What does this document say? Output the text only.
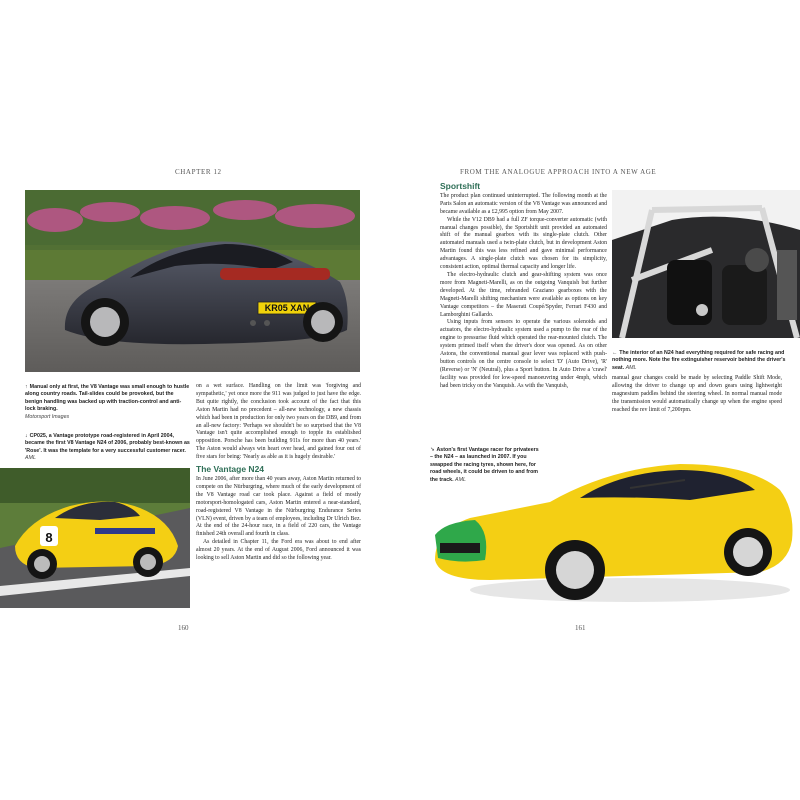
CHAPTER 12
KR05 XAN
↑ Manual only at first, the V8 Vantage was small enough to hustle along country roads. Tail-slides could be provoked, but the benign handling was backed up with traction-control and anti-lock braking.
Motorsport Images
↓ CP025, a Vantage prototype road-registered in April 2004, became the first V8 Vantage N24 of 2006, probably best-known as 'Rose'. It was the template for a very successful customer racer. AML
8

on a wet surface. Handling on the limit was 'forgiving and sympathetic,' yet once more the 911 was judged to just have the edge. But quite rightly, the conclusion took account of the fact that this Aston Martin had no precedent – all-new technology, a new chassis which had been in production for only two years on the DB9, and from an all-new factory: 'Perhaps we shouldn't be so surprised that the V8 Vantage isn't quite accomplished enough to topple its established opposition. Porsche has been building 911s for more than 40 years.' The Aston would always win heart over head, and gained four out of five stars for being: 'Nearly as able as it is hugely desirable.'

The Vantage N24

In June 2006, after more than 40 years away, Aston Martin returned to compete on the Nürburgring, where much of the early development of the V8 Vantage road car took place. Against a field of mostly motorsport-homologated cars, Aston Martin entered a near-standard, road-registered V8 Vantage in the Nürburgring Endurance Series (VLN) event, driven by a team of employees, including Dr Ulrich Bez. At the end of the 24-hour race, in a field of 220 cars, the Vantage finished 24th overall and fourth in class.

As detailed in Chapter 11, the Ford era was about to end after almost 20 years. At the end of August 2006, Ford announced it was looking to sell Aston Martin and did so the following year.

160
FROM THE ANALOGUE APPROACH INTO A NEW AGE
Sportshift

The product plan continued uninterrupted. The following month at the Paris Salon an automatic version of the V8 Vantage was announced and became available as a £2,995 option from May 2007.

While the V12 DB9 had a full ZF torque-converter automatic (with manual changes possible), the Sportshift unit provided an automated shift of the manual gearbox with its single-plate clutch. Other automated manuals used a twin-plate clutch, but in development Aston Martin found this was less refined and gave minimal performance advantages. A single-plate clutch was chosen for its simplicity, consistent action, optimal thermal capacity and longer life.

The electro-hydraulic clutch and gear-shifting system was once more from Magneti-Marelli, as on the outgoing Vanquish but further developed. At the time, rebranded Graziano gearboxes with the Magneti-Marelli shifting mechanism were available as options on key Vantage competitors – the Maserati Coupé/Spyder, Ferrari F430 and Lamborghini Gallardo.

Using inputs from sensors to operate the various solenoids and actuators, the electro-hydraulic system used a pump to the rear of the engine to pressurise fluid which operated the rear-mounted clutch. The system primed itself when the driver's door was opened. As on other Astons, the conventional manual gear lever was replaced with push-button controls on the centre console to select 'D' (Auto Drive), 'R' (Reverse) or 'N' (Neutral), plus a Sport button. In Auto Drive a 'crawl' facility was provided for low-speed manoeuvring under 4mph, which had been tricky on the Vanquish. As with the Vanquish,

← The interior of an N24 had everything required for safe racing and nothing more. Note the fire extinguisher reservoir behind the driver's seat. AML

manual gear changes could be made by selecting Paddle Shift Mode, allowing the driver to change up and down gears using lightweight magnesium paddles behind the steering wheel. In normal manual mode the transmission would automatically change up when the engine speed reached the rev limit of 7,200rpm.

↘ Aston's first Vantage racer for privateers – the N24 – as launched in 2007. If you swapped the racing tyres, shown here, for road wheels, it could be driven to and from the track. AML
161
